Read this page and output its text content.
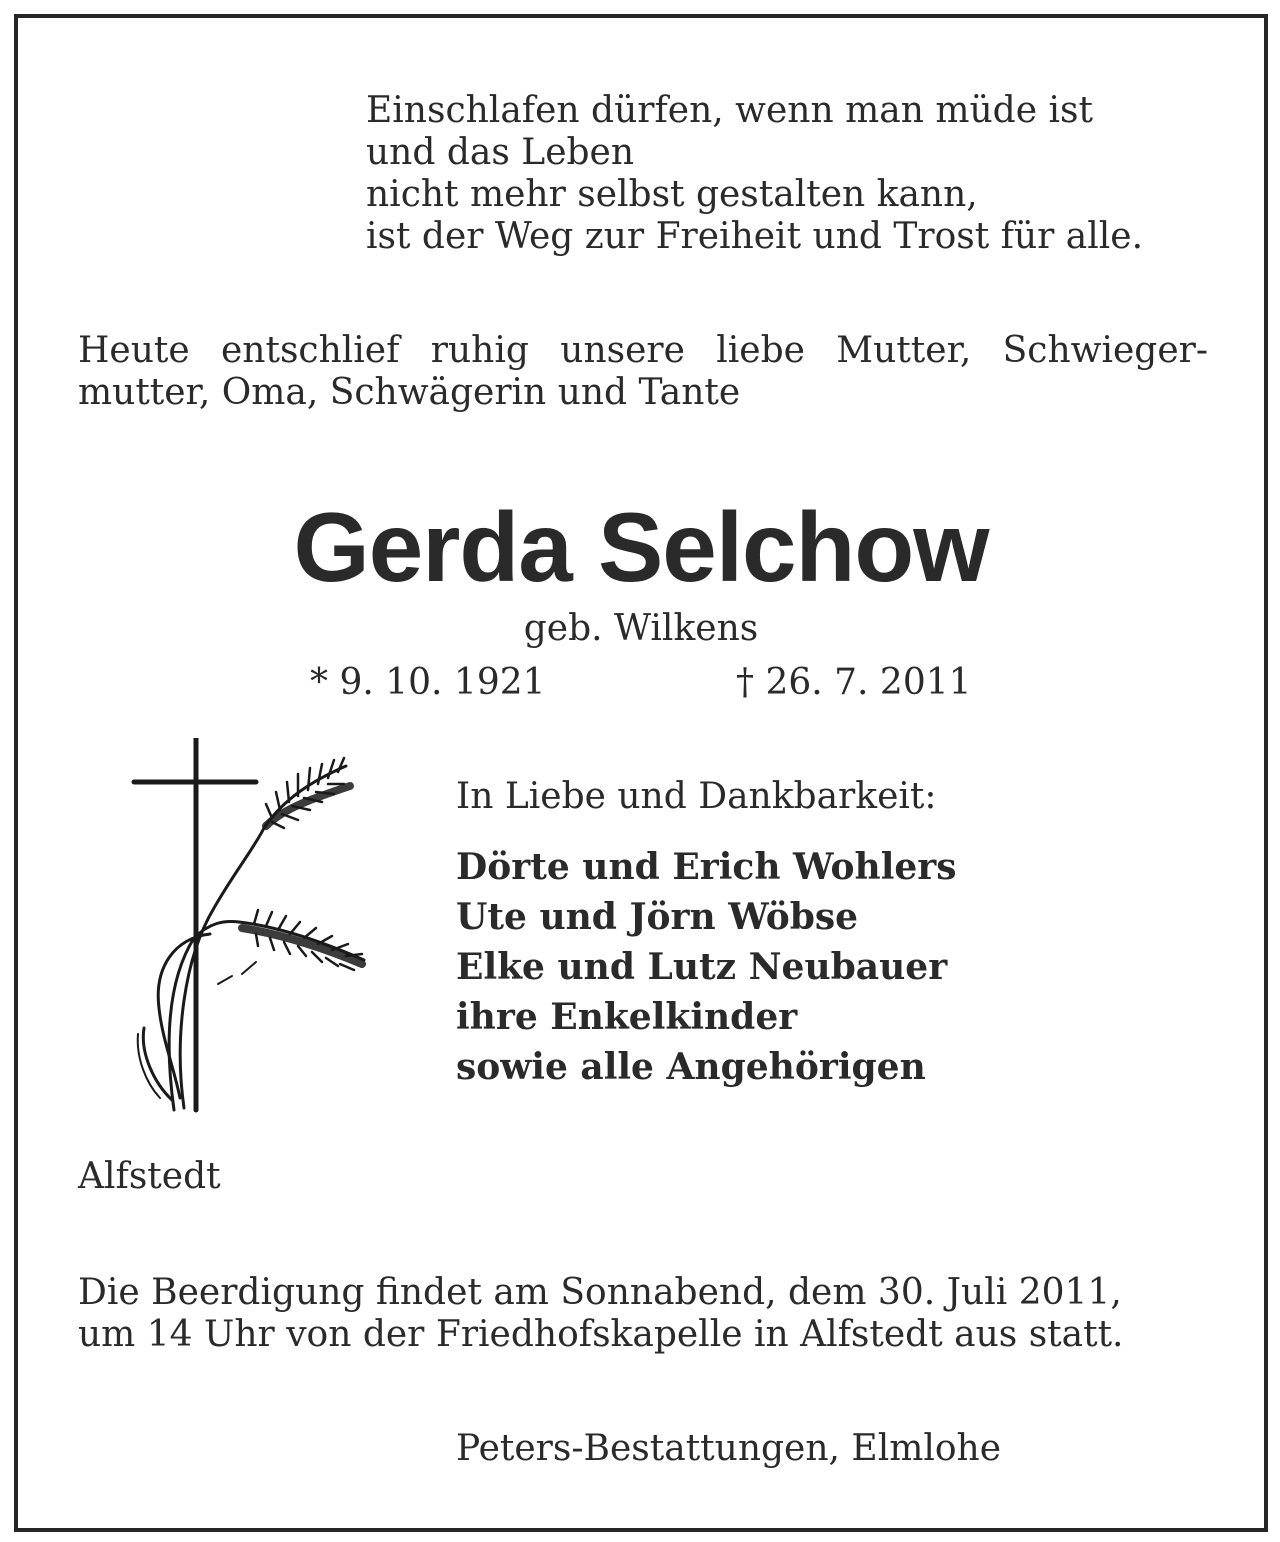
Einschlafen dürfen, wenn man müde ist
und das Leben
nicht mehr selbst gestalten kann,
ist der Weg zur Freiheit und Trost für alle.
Heute entschlief ruhig unsere liebe Mutter, Schwieger-
mutter, Oma, Schwägerin und Tante
Gerda Selchow
geb. Wilkens
* 9. 10. 1921	† 26. 7. 2011
In Liebe und Dankbarkeit:
Dörte und Erich Wohlers
Ute und Jörn Wöbse
Elke und Lutz Neubauer
ihre Enkelkinder
sowie alle Angehörigen
Alfstedt
Die Beerdigung findet am Sonnabend, dem 30. Juli 2011,
um 14 Uhr von der Friedhofskapelle in Alfstedt aus statt.
Peters-Bestattungen, Elmlohe
